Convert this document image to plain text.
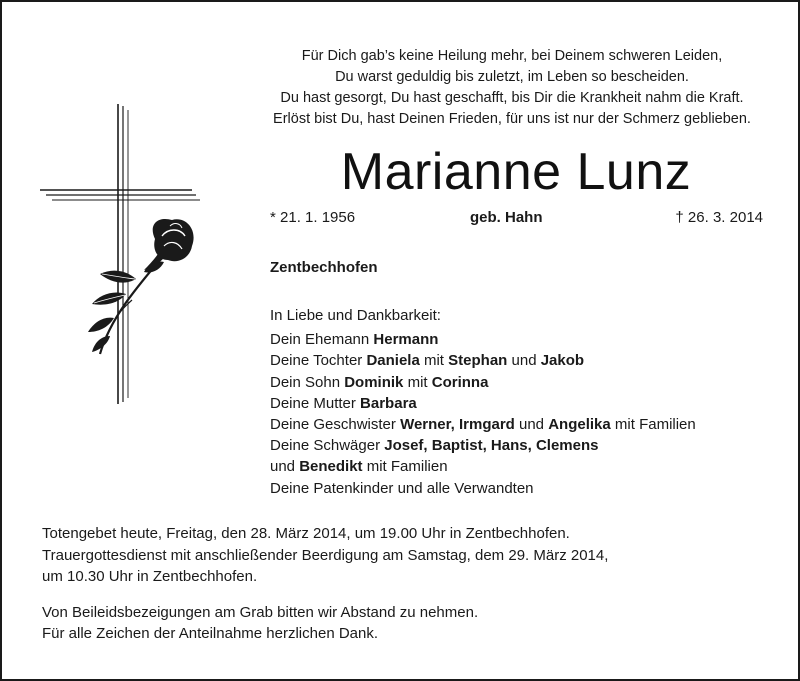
Für Dich gab’s keine Heilung mehr, bei Deinem schweren Leiden,
Du warst geduldig bis zuletzt, im Leben so bescheiden.
Du hast gesorgt, Du hast geschafft, bis Dir die Krankheit nahm die Kraft.
Erlöst bist Du, hast Deinen Frieden, für uns ist nur der Schmerz geblieben.
Marianne Lunz
* 21. 1. 1956	geb. Hahn	† 26. 3. 2014
Zentbechhofen
In Liebe und Dankbarkeit:
Dein Ehemann Hermann
Deine Tochter Daniela mit Stephan und Jakob
Dein Sohn Dominik mit Corinna
Deine Mutter Barbara
Deine Geschwister Werner, Irmgard und Angelika mit Familien
Deine Schwäger Josef, Baptist, Hans, Clemens
und Benedikt mit Familien
Deine Patenkinder und alle Verwandten
Totengebet heute, Freitag, den 28. März 2014, um 19.00 Uhr in Zentbechhofen.
Trauergottesdienst mit anschließender Beerdigung am Samstag, dem 29. März 2014,
um 10.30 Uhr in Zentbechhofen.
Von Beileidsbezeigungen am Grab bitten wir Abstand zu nehmen.
Für alle Zeichen der Anteilnahme herzlichen Dank.
